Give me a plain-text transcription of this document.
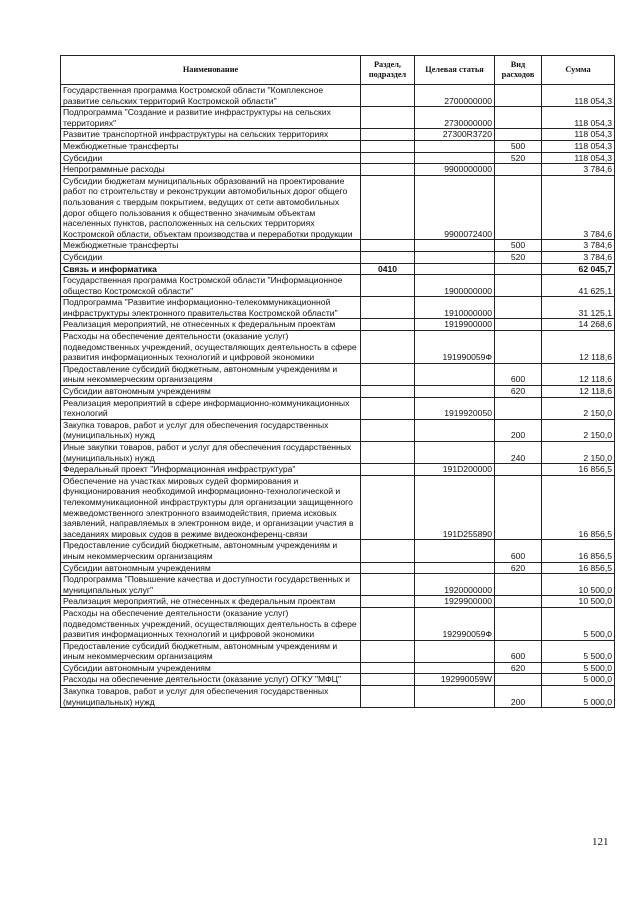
Наименование	Раздел, подраздел	Целевая статья	Вид расходов	Сумма
Государственная программа Костромской области "Комплексное развитие сельских территорий Костромской области"		2700000000		118 054,3
Подпрограмма "Создание и развитие инфраструктуры на сельских территориях"		2730000000		118 054,3
Развитие транспортной инфраструктуры на сельских территориях		27300R3720		118 054,3
Межбюджетные трансферты			500	118 054,3
Субсидии			520	118 054,3
Непрограммные расходы		9900000000		3 784,6
Субсидии бюджетам муниципальных образований на проектирование работ по строительству и реконструкции автомобильных дорог общего пользования с твердым покрытием, ведущих от сети автомобильных дорог общего пользования к общественно значимым объектам населенных пунктов, расположенных на сельских территориях Костромской области, объектам производства и переработки продукции		9900072400		3 784,6
Межбюджетные трансферты			500	3 784,6
Субсидии			520	3 784,6
Связь и информатика	0410			62 045,7
Государственная программа Костромской области "Информационное общество Костромской области"		1900000000		41 625,1
Подпрограмма "Развитие информационно-телекоммуникационной инфраструктуры электронного правительства Костромской области"		1910000000		31 125,1
Реализация мероприятий, не отнесенных к федеральным проектам		1919900000		14 268,6
Расходы на обеспечение деятельности (оказание услуг) подведомственных учреждений, осуществляющих деятельность в сфере развития информационных технологий и цифровой экономики		191990059Ф		12 118,6
Предоставление субсидий бюджетным, автономным учреждениям и иным некоммерческим организациям			600	12 118,6
Субсидии автономным учреждениям			620	12 118,6
Реализация мероприятий в сфере информационно-коммуникационных технологий		1919920050		2 150,0
Закупка товаров, работ и услуг для обеспечения государственных (муниципальных) нужд			200	2 150,0
Иные закупки товаров, работ и услуг для обеспечения государственных (муниципальных) нужд			240	2 150,0
Федеральный проект "Информационная инфраструктура"		191D200000		16 856,5
Обеспечение на участках мировых судей формирования и функционирования необходимой информационно-технологической и телекоммуникационной инфраструктуры для организации защищенного межведомственного электронного взаимодействия, приема исковых заявлений, направляемых в электронном виде, и организации участия в заседаниях мировых судов в режиме видеоконференц-связи		191D255890		16 856,5
Предоставление субсидий бюджетным, автономным учреждениям и иным некоммерческим организациям			600	16 856,5
Субсидии автономным учреждениям			620	16 856,5
Подпрограмма "Повышение качества и доступности государственных и муниципальных услуг"		1920000000		10 500,0
Реализация мероприятий, не отнесенных к федеральным проектам		1929900000		10 500,0
Расходы на обеспечение деятельности (оказание услуг) подведомственных учреждений, осуществляющих деятельность в сфере развития информационных технологий и цифровой экономики		192990059Ф		5 500,0
Предоставление субсидий бюджетным, автономным учреждениям и иным некоммерческим организациям			600	5 500,0
Субсидии автономным учреждениям			620	5 500,0
Расходы на обеспечение деятельности (оказание услуг) ОГКУ "МФЦ"		192990059W		5 000,0
Закупка товаров, работ и услуг для обеспечения государственных (муниципальных) нужд			200	5 000,0
121
